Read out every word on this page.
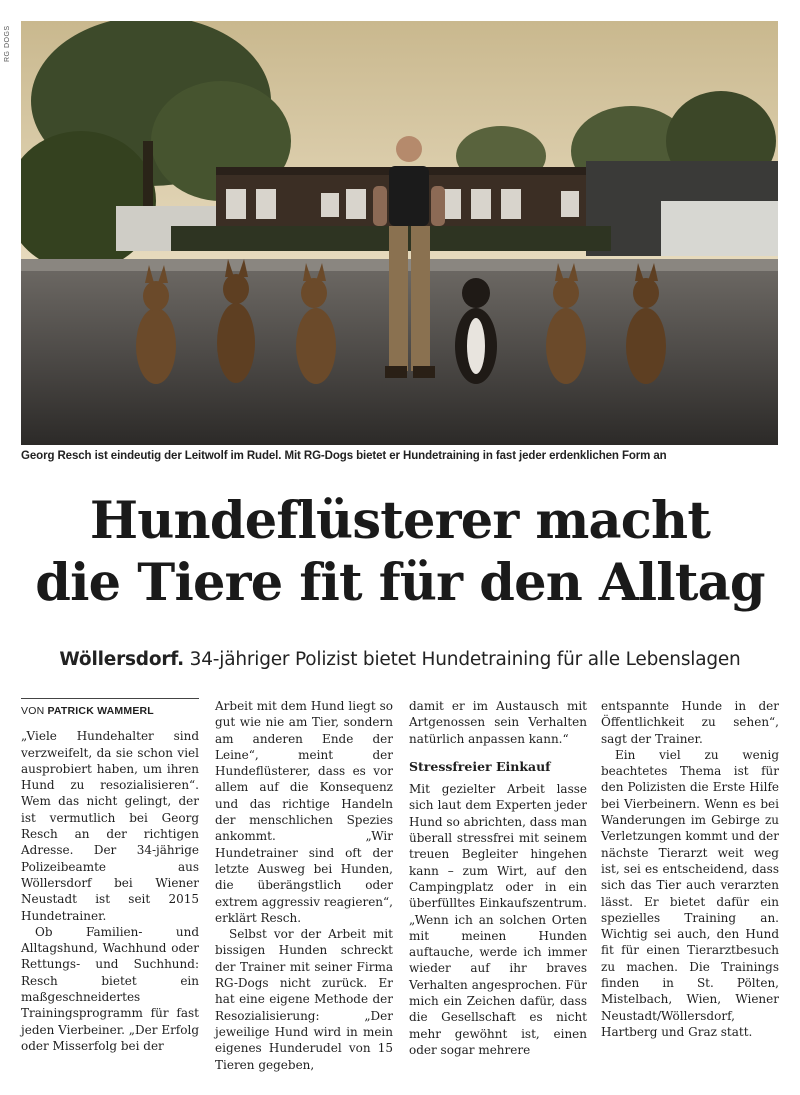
RG DOGS
Georg Resch ist eindeutig der Leitwolf im Rudel. Mit RG-Dogs bietet er Hundetraining in fast jeder erdenklichen Form an
Hundeflüsterer macht
die Tiere fit für den Alltag
Wöllersdorf. 34-jähriger Polizist bietet Hundetraining für alle Lebenslagen
VON PATRICK WAMMERL

„Viele Hundehalter sind verzweifelt, da sie schon viel ausprobiert haben, um ihren Hund zu resozialisieren“. Wem das nicht gelingt, der ist vermutlich bei Georg Resch an der richtigen Adresse. Der 34-jährige Polizeibeamte aus Wöllersdorf bei Wiener Neustadt ist seit 2015 Hundetrainer.

Ob Familien- und Alltagshund, Wachhund oder Rettungs- und Suchhund: Resch bietet ein maßgeschneidertes Trainingsprogramm für fast jeden Vierbeiner. „Der Erfolg oder Misserfolg bei der

Arbeit mit dem Hund liegt so gut wie nie am Tier, sondern am anderen Ende der Leine“, meint der Hundeflüsterer, dass es vor allem auf die Konsequenz und das richtige Handeln der menschlichen Spezies ankommt. „Wir Hundetrainer sind oft der letzte Ausweg bei Hunden, die überängstlich oder extrem aggressiv reagieren“, erklärt Resch.

Selbst vor der Arbeit mit bissigen Hunden schreckt der Trainer mit seiner Firma RG-Dogs nicht zurück. Er hat eine eigene Methode der Resozialisierung: „Der jeweilige Hund wird in mein eigenes Hunderudel von 15 Tieren gegeben,

damit er im Austausch mit Artgenossen sein Verhalten natürlich anpassen kann.“

Stressfreier Einkauf

Mit gezielter Arbeit lasse sich laut dem Experten jeder Hund so abrichten, dass man überall stressfrei mit seinem treuen Begleiter hingehen kann – zum Wirt, auf den Campingplatz oder in ein überfülltes Einkaufszentrum. „Wenn ich an solchen Orten mit meinen Hunden auftauche, werde ich immer wieder auf ihr braves Verhalten angesprochen. Für mich ein Zeichen dafür, dass die Gesellschaft es nicht mehr gewöhnt ist, einen oder sogar mehrere

entspannte Hunde in der Öffentlichkeit zu sehen“, sagt der Trainer.

Ein viel zu wenig beachtetes Thema ist für den Polizisten die Erste Hilfe bei Vierbeinern. Wenn es bei Wanderungen im Gebirge zu Verletzungen kommt und der nächste Tierarzt weit weg ist, sei es entscheidend, dass sich das Tier auch verarzten lässt. Er bietet dafür ein spezielles Training an. Wichtig sei auch, den Hund fit für einen Tierarztbesuch zu machen. Die Trainings finden in St. Pölten, Mistelbach, Wien, Wiener Neustadt/Wöllersdorf, Hartberg und Graz statt.
